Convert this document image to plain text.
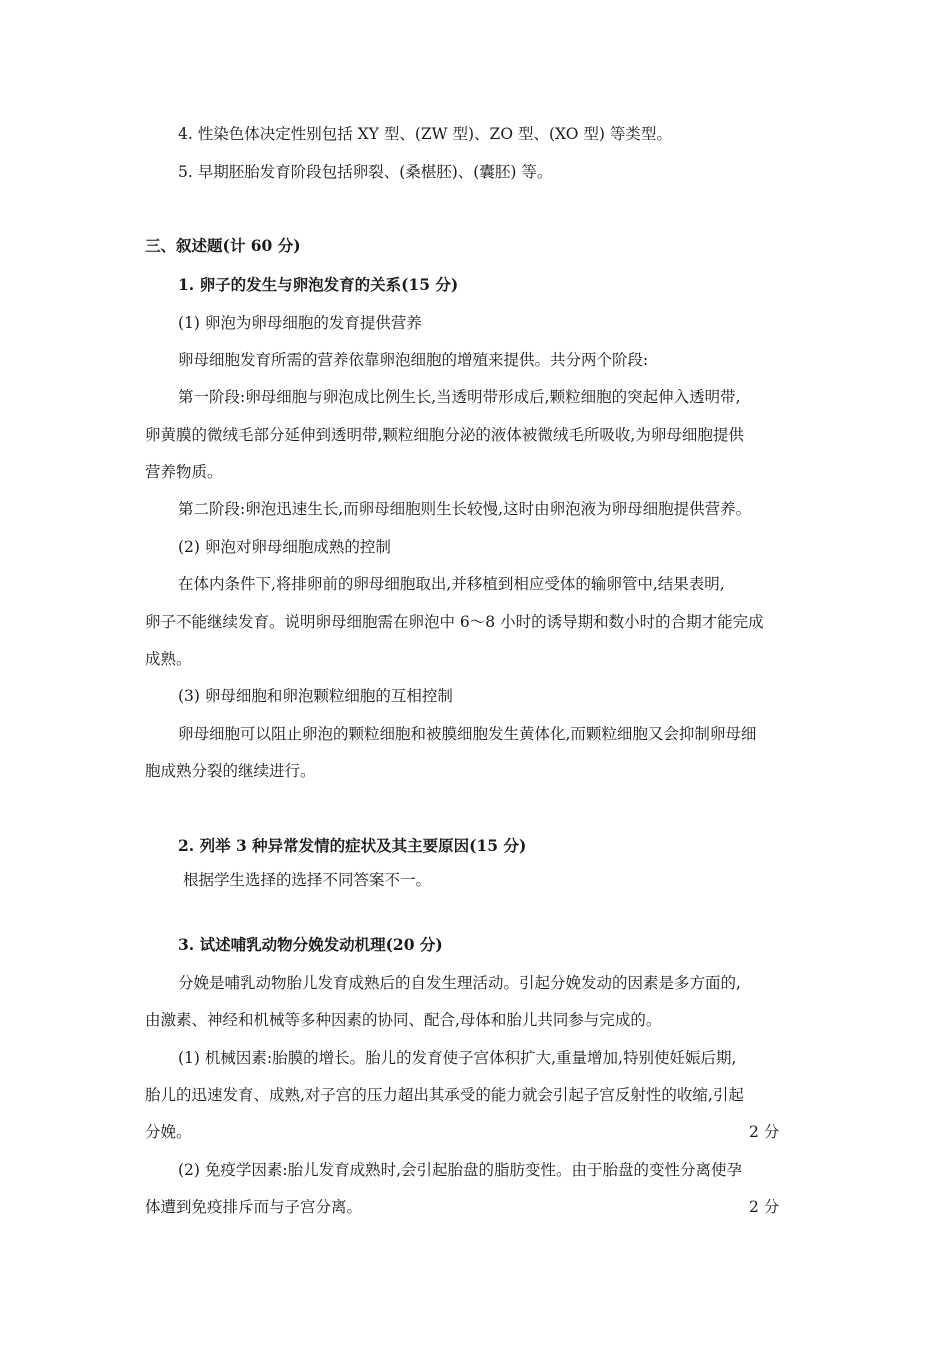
4. 性染色体决定性别包括 XY 型、(ZW 型)、ZO 型、(XO 型) 等类型。
5. 早期胚胎发育阶段包括卵裂、(桑椹胚)、(囊胚) 等。
三、叙述题(计 60 分)
1. 卵子的发生与卵泡发育的关系(15 分)
(1) 卵泡为卵母细胞的发育提供营养
卵母细胞发育所需的营养依靠卵泡细胞的增殖来提供。共分两个阶段:
第一阶段:卵母细胞与卵泡成比例生长,当透明带形成后,颗粒细胞的突起伸入透明带,
卵黄膜的微绒毛部分延伸到透明带,颗粒细胞分泌的液体被微绒毛所吸收,为卵母细胞提供
营养物质。
第二阶段:卵泡迅速生长,而卵母细胞则生长较慢,这时由卵泡液为卵母细胞提供营养。
(2) 卵泡对卵母细胞成熟的控制
在体内条件下,将排卵前的卵母细胞取出,并移植到相应受体的输卵管中,结果表明,
卵子不能继续发育。说明卵母细胞需在卵泡中 6～8 小时的诱导期和数小时的合期才能完成
成熟。
(3) 卵母细胞和卵泡颗粒细胞的互相控制
卵母细胞可以阻止卵泡的颗粒细胞和被膜细胞发生黄体化,而颗粒细胞又会抑制卵母细
胞成熟分裂的继续进行。
2. 列举 3 种异常发情的症状及其主要原因(15 分)
根据学生选择的选择不同答案不一。
3. 试述哺乳动物分娩发动机理(20 分)
分娩是哺乳动物胎儿发育成熟后的自发生理活动。引起分娩发动的因素是多方面的,
由激素、神经和机械等多种因素的协同、配合,母体和胎儿共同参与完成的。
(1) 机械因素:胎膜的增长。胎儿的发育使子宫体积扩大,重量增加,特别使妊娠后期,
胎儿的迅速发育、成熟,对子宫的压力超出其承受的能力就会引起子宫反射性的收缩,引起
分娩。	2 分
(2) 免疫学因素:胎儿发育成熟时,会引起胎盘的脂肪变性。由于胎盘的变性分离使孕
体遭到免疫排斥而与子宫分离。	2 分
